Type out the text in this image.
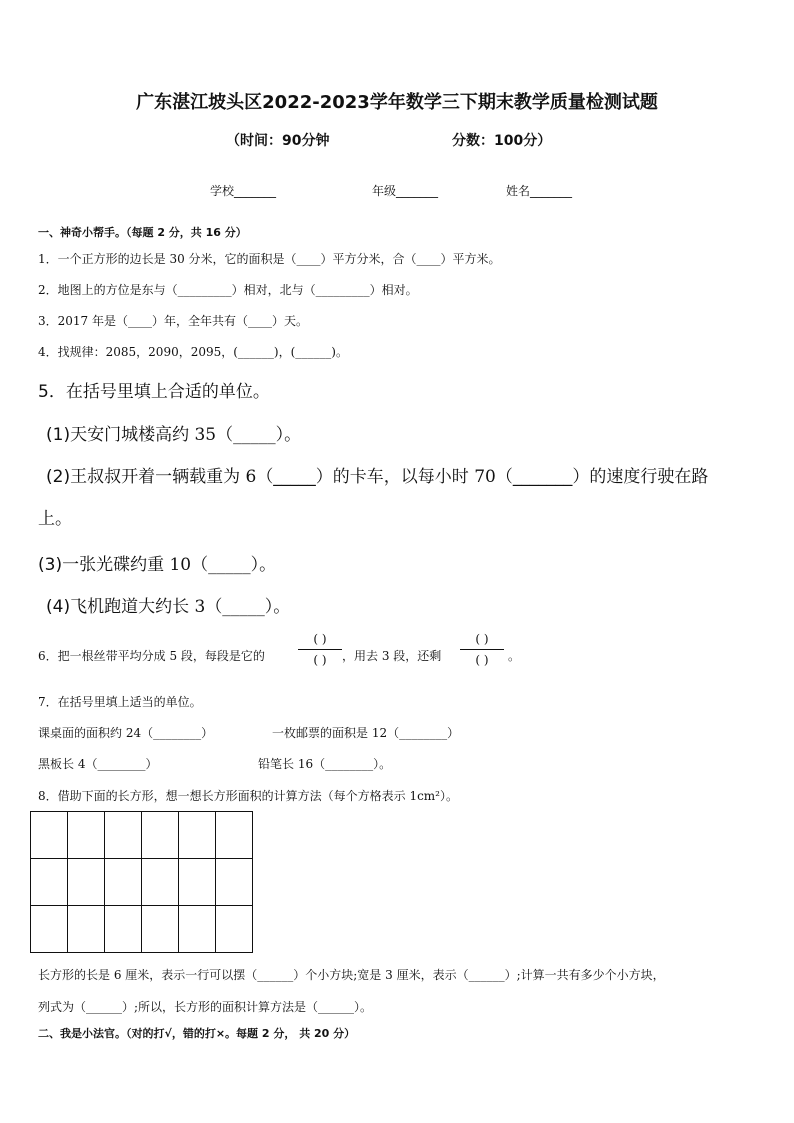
广东湛江坡头区2022-2023学年数学三下期末教学质量检测试题
（时间：90分钟	分数：100分）
学校_______	年级_______	姓名_______
一、神奇小帮手。（每题 2 分，共 16 分）
1．一个正方形的边长是 30 分米，它的面积是（____）平方分米，合（____）平方米。
2．地图上的方位是东与（_________）相对，北与（_________）相对。
3．2017 年是（____）年，全年共有（____）天。
4．找规律：2085，2090，2095，(______)，(______)。
5．在括号里填上合适的单位。
(1)天安门城楼高约 35（_____）。
(2)王叔叔开着一辆载重为 6（_____）的卡车，以每小时 70（_______）的速度行驶在路
上。
(3)一张光碟约重 10（_____）。
(4)飞机跑道大约长 3（_____）。
6．把一根丝带平均分成 5 段，每段是它的
( )
( ) ，用去 3 段，还剩
( )
( ) 。
7．在括号里填上适当的单位。
课桌面的面积约 24（________）	一枚邮票的面积是 12（________）
黑板长 4（________）	铅笔长 16（________）。
8．借助下面的长方形，想一想长方形面积的计算方法（每个方格表示 1cm²）。

长方形的长是 6 厘米，表示一行可以摆（______）个小方块;宽是 3 厘米，表示（______）;计算一共有多少个小方块，
列式为（______）;所以，长方形的面积计算方法是（______）。
二、我是小法官。（对的打√，错的打×。每题 2 分， 共 20 分）
